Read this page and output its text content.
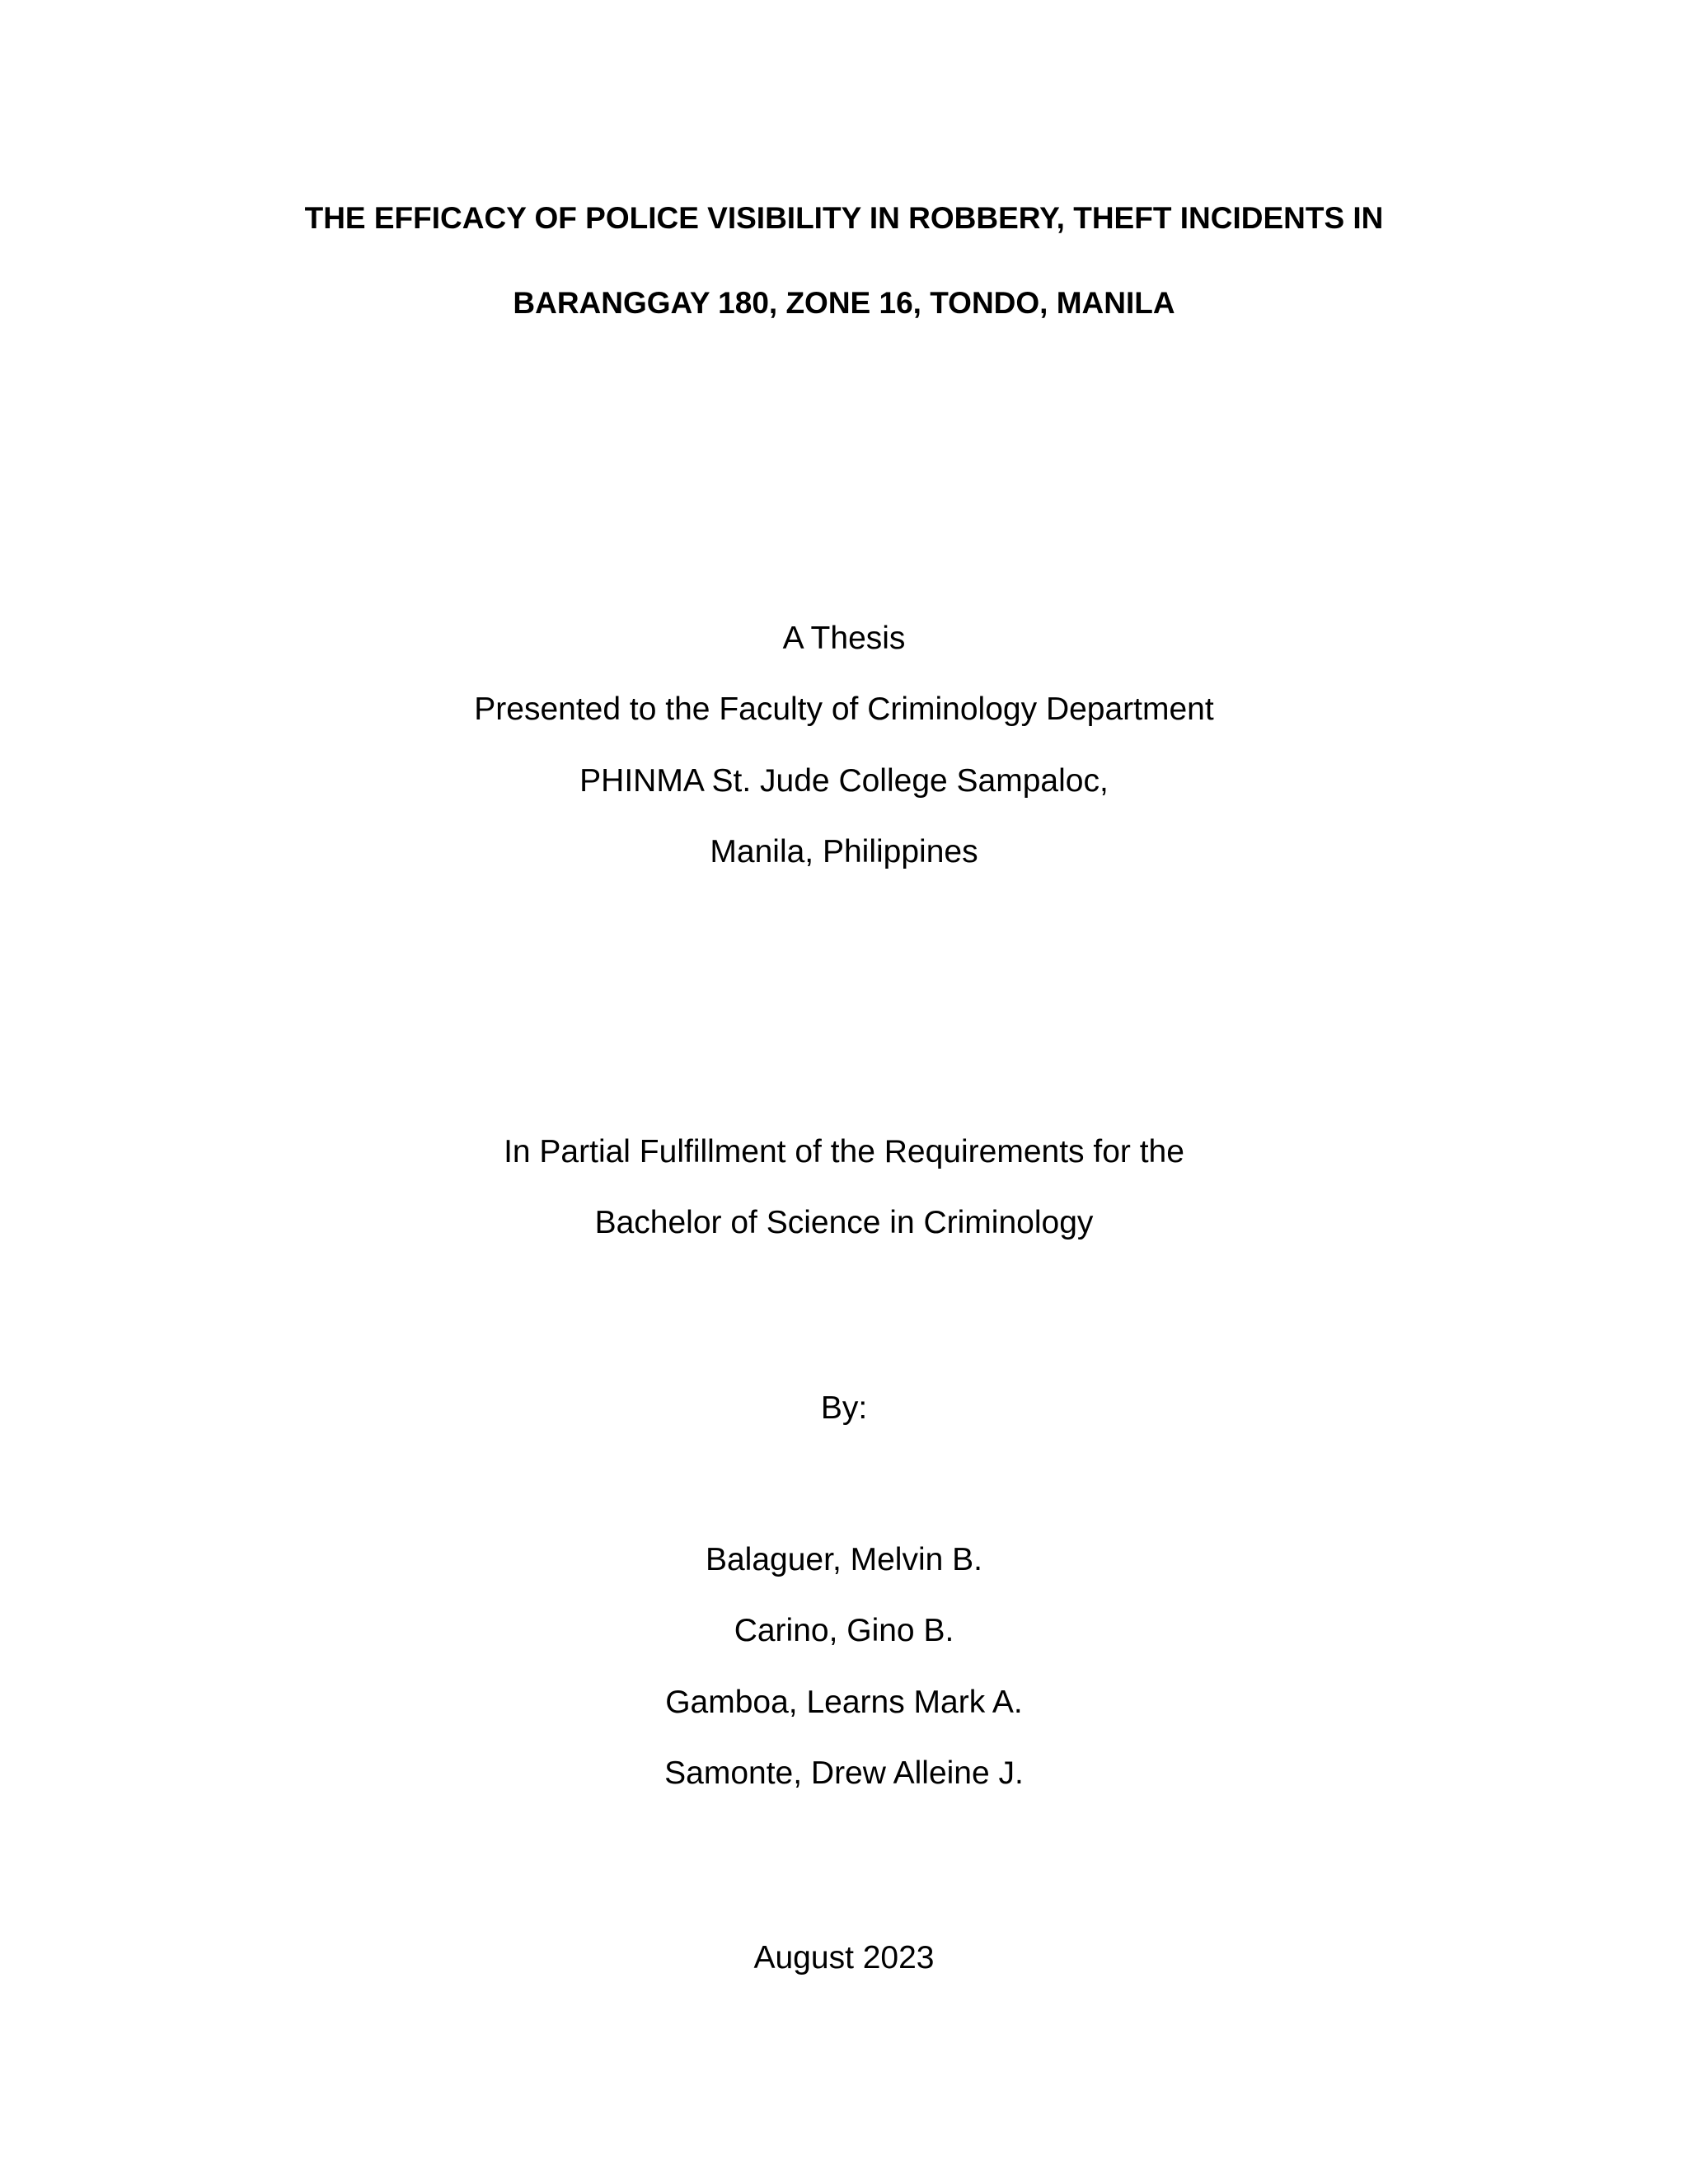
THE EFFICACY OF POLICE VISIBILITY IN ROBBERY, THEFT INCIDENTS IN
BARANGGAY 180, ZONE 16, TONDO, MANILA
A Thesis
Presented to the Faculty of Criminology Department
PHINMA St. Jude College Sampaloc,
Manila, Philippines
In Partial Fulfillment of the Requirements for the
Bachelor of Science in Criminology
By:
Balaguer, Melvin B.
Carino, Gino B.
Gamboa, Learns Mark A.
Samonte, Drew Alleine J.
August 2023
